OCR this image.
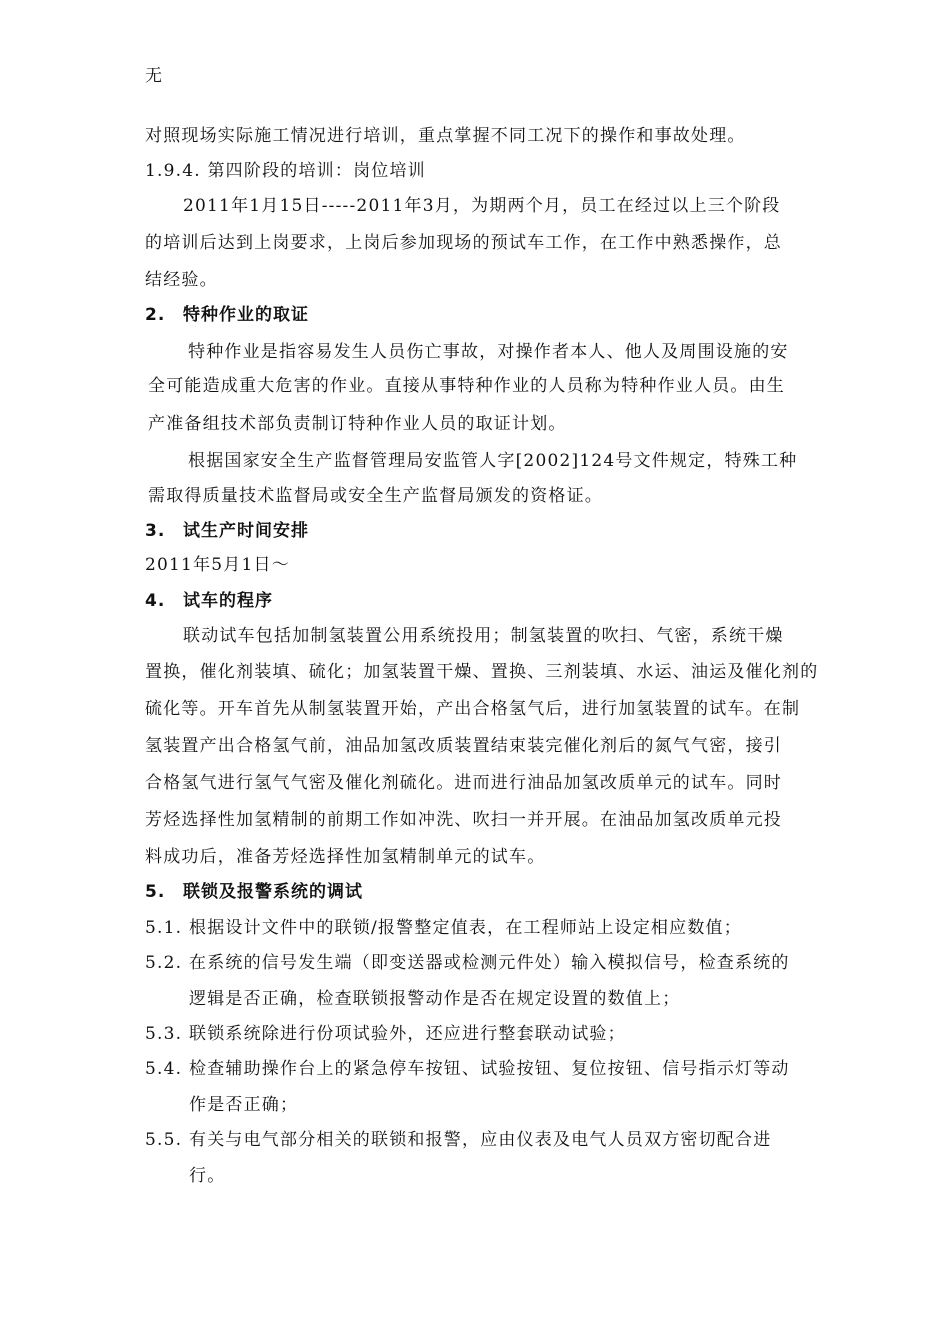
无
对照现场实际施工情况进行培训，重点掌握不同工况下的操作和事故处理。
1.9.4. 第四阶段的培训：岗位培训
2011年1月15日-----2011年3月，为期两个月，员工在经过以上三个阶段
的培训后达到上岗要求，上岗后参加现场的预试车工作，在工作中熟悉操作，总
结经验。
2. 特种作业的取证
特种作业是指容易发生人员伤亡事故，对操作者本人、他人及周围设施的安
全可能造成重大危害的作业。直接从事特种作业的人员称为特种作业人员。由生
产准备组技术部负责制订特种作业人员的取证计划。
根据国家安全生产监督管理局安监管人字[2002]124号文件规定，特殊工种
需取得质量技术监督局或安全生产监督局颁发的资格证。
3. 试生产时间安排
2011年5月1日～
4. 试车的程序
联动试车包括加制氢装置公用系统投用；制氢装置的吹扫、气密，系统干燥
置换，催化剂装填、硫化；加氢装置干燥、置换、三剂装填、水运、油运及催化剂的
硫化等。开车首先从制氢装置开始，产出合格氢气后，进行加氢装置的试车。在制
氢装置产出合格氢气前，油品加氢改质装置结束装完催化剂后的氮气气密，接引
合格氢气进行氢气气密及催化剂硫化。进而进行油品加氢改质单元的试车。同时
芳烃选择性加氢精制的前期工作如冲洗、吹扫一并开展。在油品加氢改质单元投
料成功后，准备芳烃选择性加氢精制单元的试车。
5. 联锁及报警系统的调试
5.1. 根据设计文件中的联锁/报警整定值表，在工程师站上设定相应数值；
5.2. 在系统的信号发生端（即变送器或检测元件处）输入模拟信号，检查系统的
逻辑是否正确，检查联锁报警动作是否在规定设置的数值上；
5.3. 联锁系统除进行份项试验外，还应进行整套联动试验；
5.4. 检查辅助操作台上的紧急停车按钮、试验按钮、复位按钮、信号指示灯等动
作是否正确；
5.5. 有关与电气部分相关的联锁和报警，应由仪表及电气人员双方密切配合进
行。
